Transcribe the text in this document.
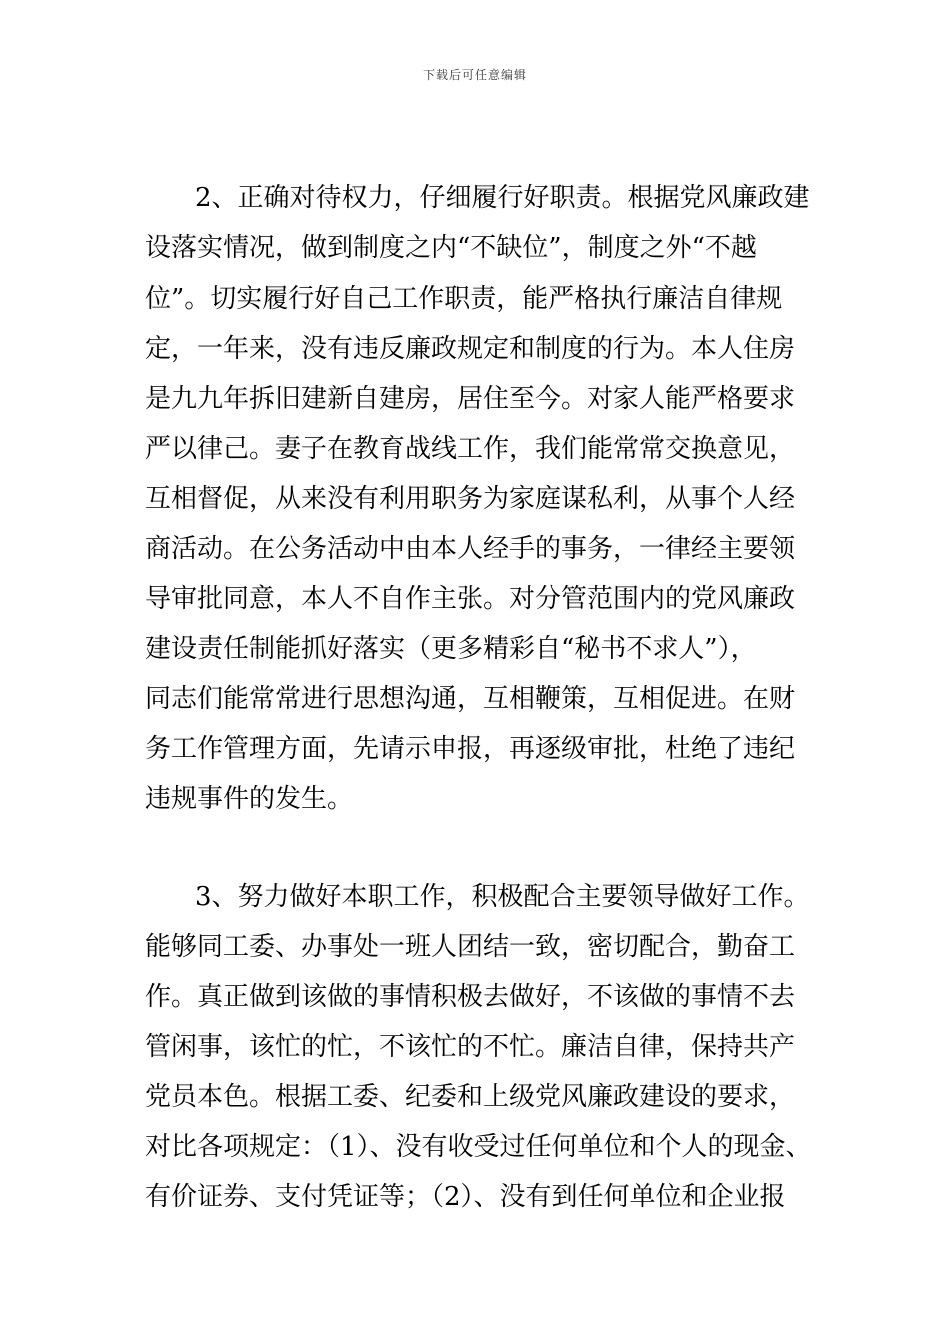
下载后可任意编辑
2、正确对待权力，仔细履行好职责。根据党风廉政建
设落实情况，做到制度之内“不缺位”，制度之外“不越
位”。切实履行好自己工作职责，能严格执行廉洁自律规
定，一年来，没有违反廉政规定和制度的行为。本人住房
是九九年拆旧建新自建房，居住至今。对家人能严格要求
严以律己。妻子在教育战线工作，我们能常常交换意见，
互相督促，从来没有利用职务为家庭谋私利，从事个人经
商活动。在公务活动中由本人经手的事务，一律经主要领
导审批同意，本人不自作主张。对分管范围内的党风廉政
建设责任制能抓好落实（更多精彩自“秘书不求人”），
同志们能常常进行思想沟通，互相鞭策，互相促进。在财
务工作管理方面，先请示申报，再逐级审批，杜绝了违纪
违规事件的发生。
3、努力做好本职工作，积极配合主要领导做好工作。
能够同工委、办事处一班人团结一致，密切配合，勤奋工
作。真正做到该做的事情积极去做好，不该做的事情不去
管闲事，该忙的忙，不该忙的不忙。廉洁自律，保持共产
党员本色。根据工委、纪委和上级党风廉政建设的要求，
对比各项规定：（1）、没有收受过任何单位和个人的现金、
有价证券、支付凭证等；（2）、没有到任何单位和企业报
